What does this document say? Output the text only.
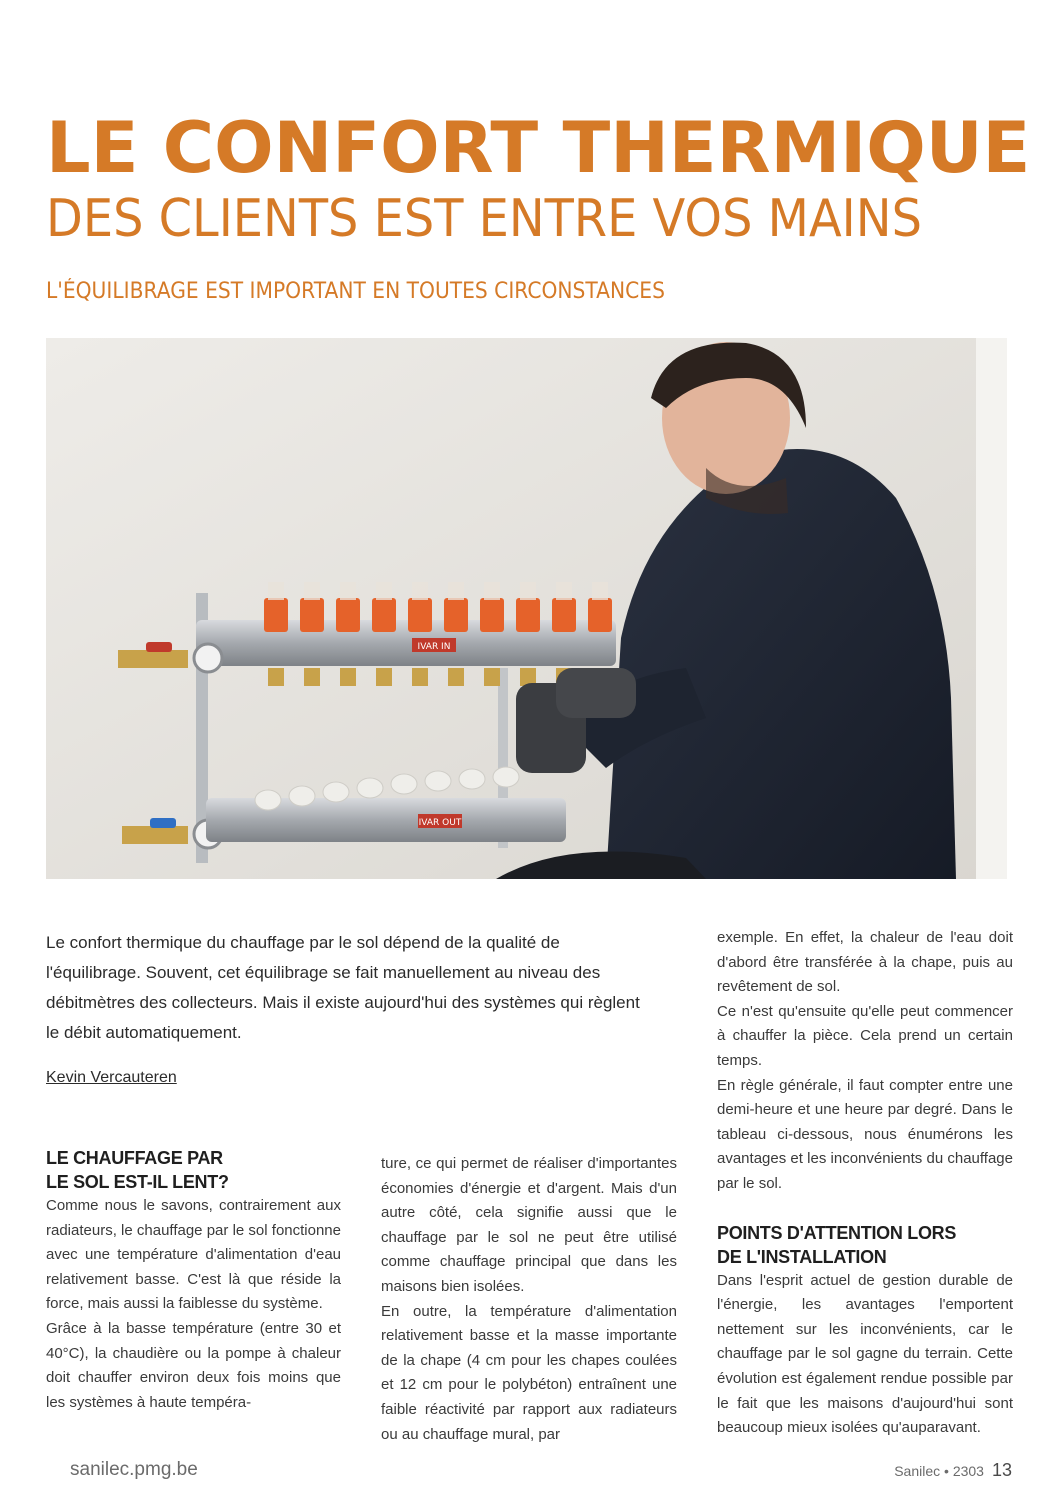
LE CONFORT THERMIQUE
DES CLIENTS EST ENTRE VOS MAINS
L'ÉQUILIBRAGE EST IMPORTANT EN TOUTES CIRCONSTANCES
IVAR IN
IVAR OUT

Le confort thermique du chauffage par le sol dépend de la qualité de l'équilibrage. Souvent, cet équilibrage se fait manuellement au niveau des débitmètres des collecteurs. Mais il existe aujourd'hui des systèmes qui règlent le débit automatiquement.

Kevin Vercauteren
LE CHAUFFAGE PAR
LE SOL EST-IL LENT?

Comme nous le savons, contrairement aux radiateurs, le chauffage par le sol fonctionne avec une température d'alimentation d'eau relativement basse. C'est là que réside la force, mais aussi la faiblesse du système.

Grâce à la basse température (entre 30 et 40°C), la chaudière ou la pompe à chaleur doit chauffer environ deux fois moins que les systèmes à haute tempéra-

ture, ce qui permet de réaliser d'importantes économies d'énergie et d'argent. Mais d'un autre côté, cela signifie aussi que le chauffage par le sol ne peut être utilisé comme chauffage principal que dans les maisons bien isolées.

En outre, la température d'alimentation relativement basse et la masse importante de la chape (4 cm pour les chapes coulées et 12 cm pour le polybéton) entraînent une faible réactivité par rapport aux radiateurs ou au chauffage mural, par

exemple. En effet, la chaleur de l'eau doit d'abord être transférée à la chape, puis au revêtement de sol.

Ce n'est qu'ensuite qu'elle peut commencer à chauffer la pièce. Cela prend un certain temps.

En règle générale, il faut compter entre une demi-heure et une heure par degré. Dans le tableau ci-dessous, nous énumérons les avantages et les inconvénients du chauffage par le sol.

POINTS D'ATTENTION LORS
DE L'INSTALLATION

Dans l'esprit actuel de gestion durable de l'énergie, les avantages l'emportent nettement sur les inconvénients, car le chauffage par le sol gagne du terrain. Cette évolution est également rendue possible par le fait que les maisons d'aujourd'hui sont beaucoup mieux isolées qu'auparavant.

sanilec.pmg.be	Sanilec • 2303 13
